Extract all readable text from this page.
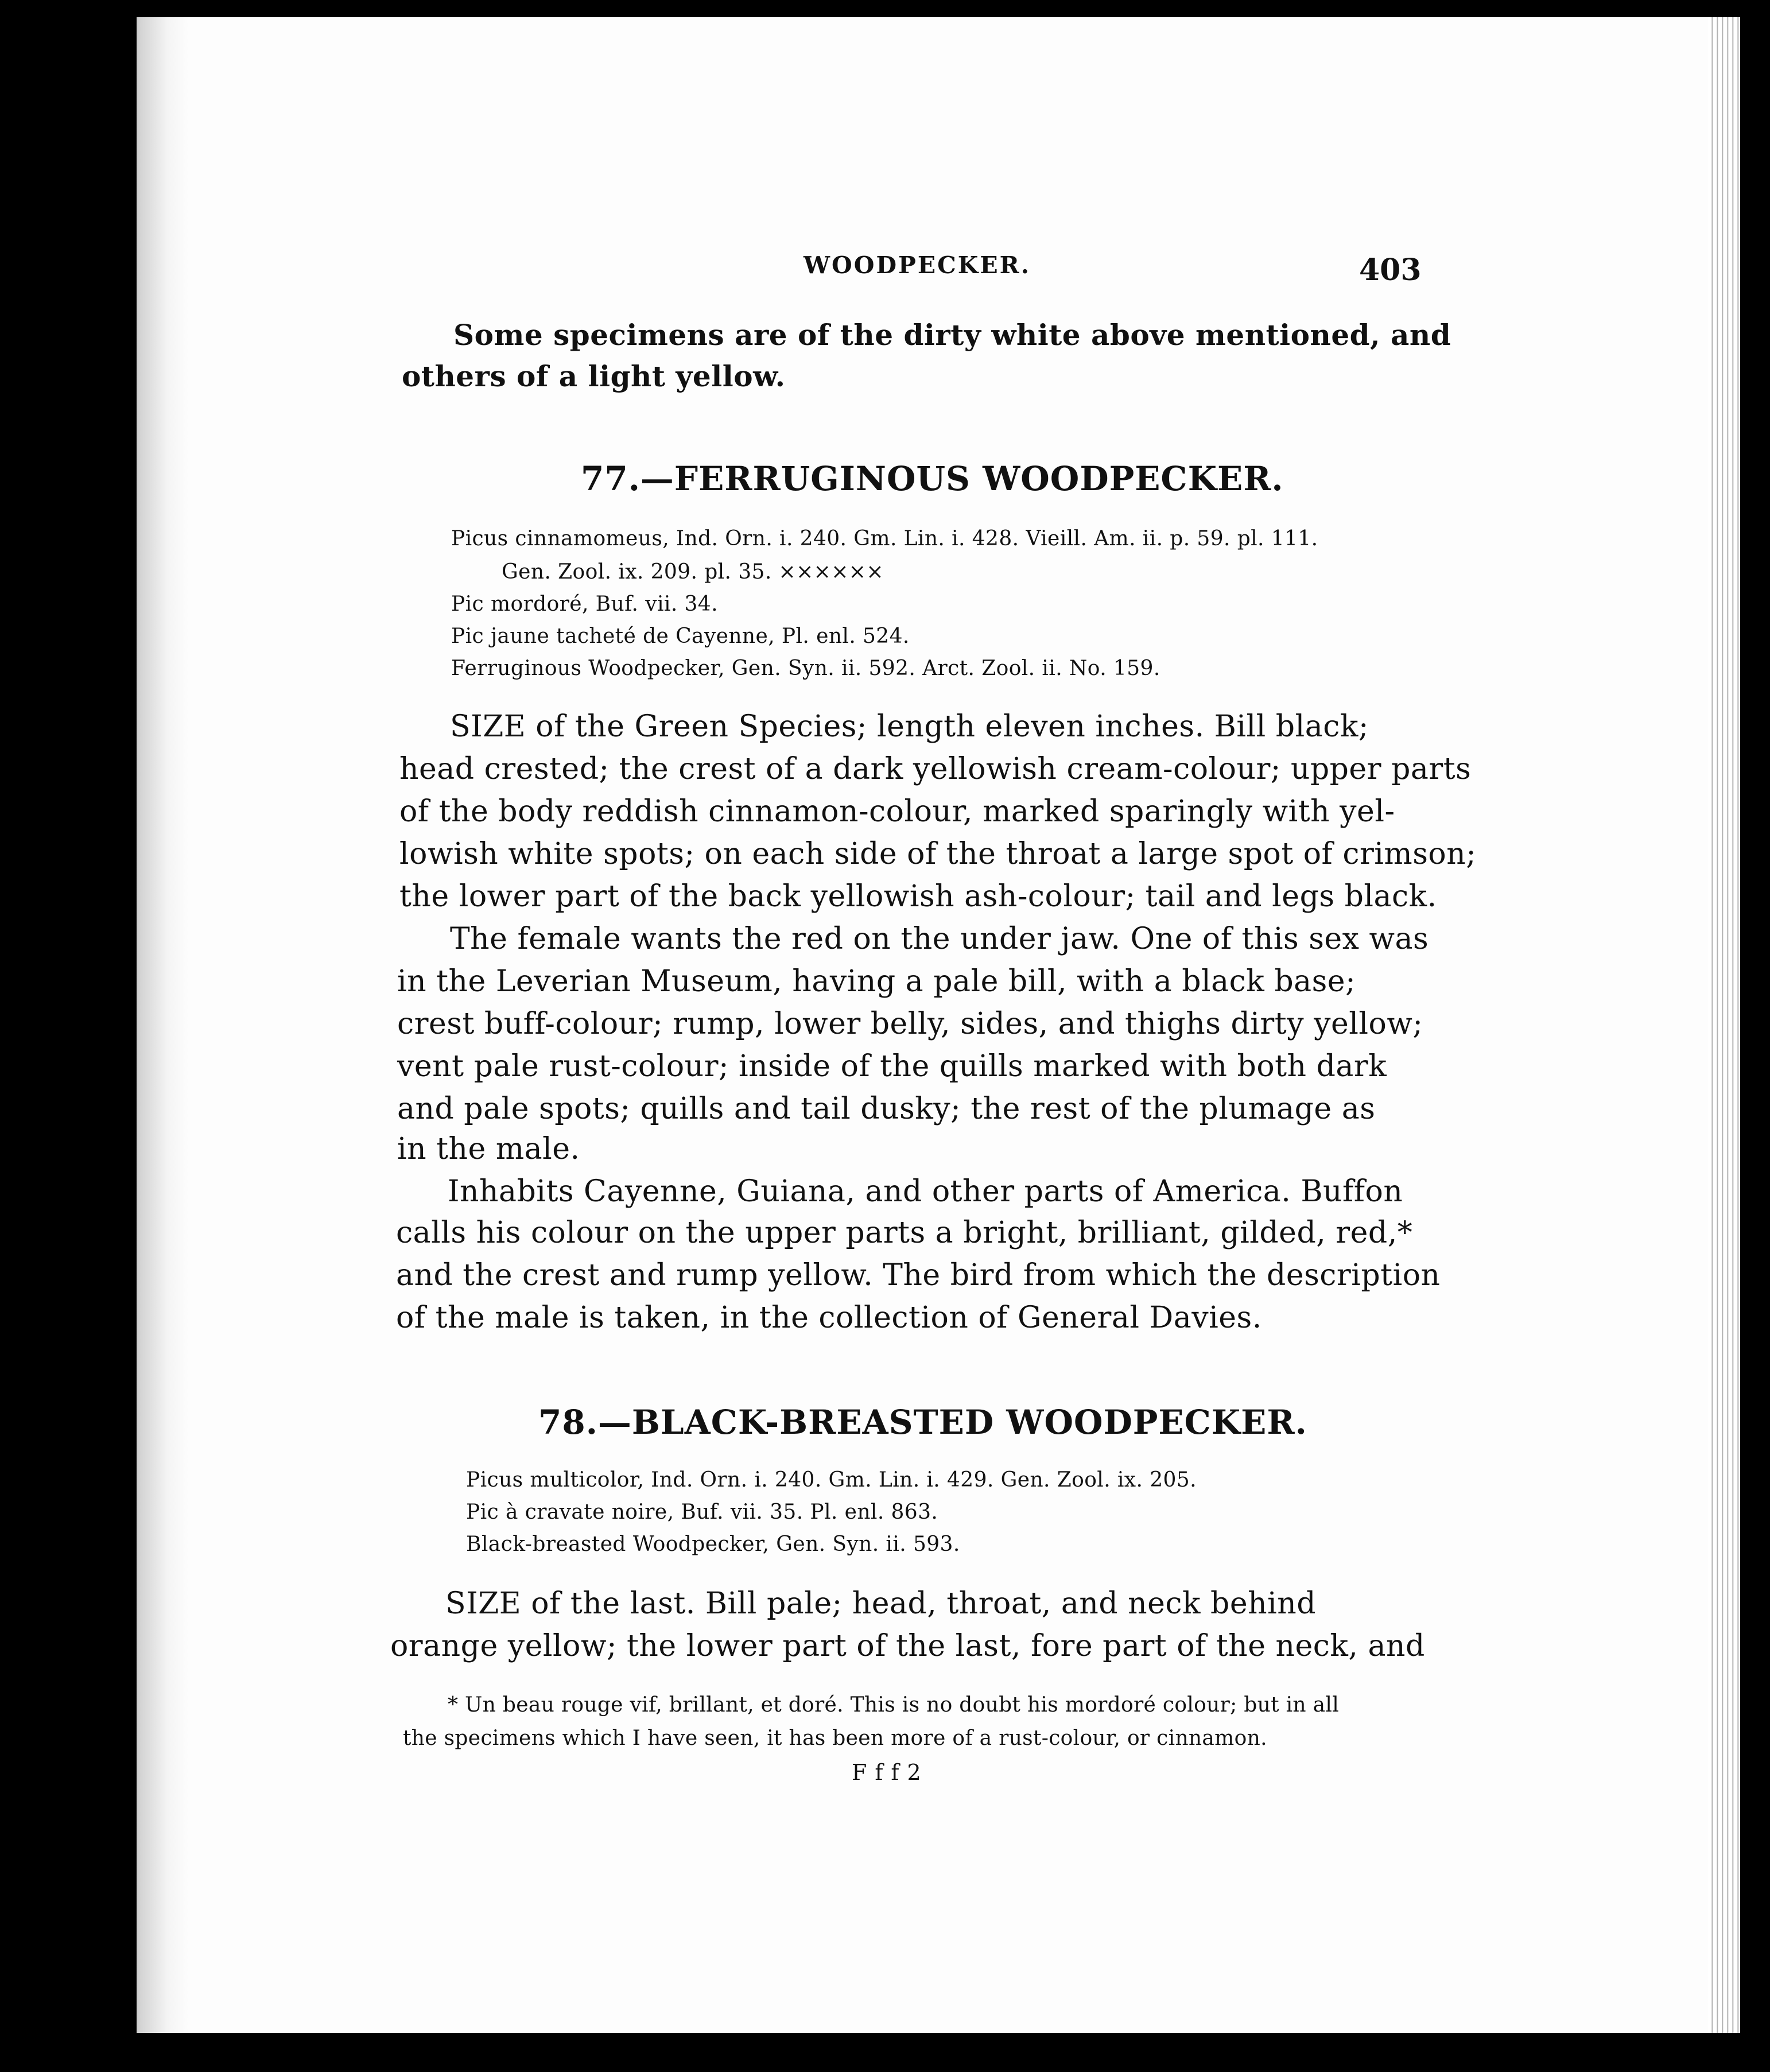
WOODPECKER.	403
Some specimens are of the dirty white above mentioned, and
others of a light yellow.
77.—FERRUGINOUS WOODPECKER.
Picus cinnamomeus, Ind. Orn. i. 240. Gm. Lin. i. 428. Vieill. Am. ii. p. 59. pl. 111.
Gen. Zool. ix. 209. pl. 35. ××××××
Pic mordoré, Buf. vii. 34.
Pic jaune tacheté de Cayenne, Pl. enl. 524.
Ferruginous Woodpecker, Gen. Syn. ii. 592. Arct. Zool. ii. No. 159.
SIZE of the Green Species; length eleven inches. Bill black;
head crested; the crest of a dark yellowish cream-colour; upper parts
of the body reddish cinnamon-colour, marked sparingly with yel-
lowish white spots; on each side of the throat a large spot of crimson;
the lower part of the back yellowish ash-colour; tail and legs black.
The female wants the red on the under jaw. One of this sex was
in the Leverian Museum, having a pale bill, with a black base;
crest buff-colour; rump, lower belly, sides, and thighs dirty yellow;
vent pale rust-colour; inside of the quills marked with both dark
and pale spots; quills and tail dusky; the rest of the plumage as
in the male.
Inhabits Cayenne, Guiana, and other parts of America. Buffon
calls his colour on the upper parts a bright, brilliant, gilded, red,*
and the crest and rump yellow. The bird from which the description
of the male is taken, in the collection of General Davies.
78.—BLACK-BREASTED WOODPECKER.
Picus multicolor, Ind. Orn. i. 240. Gm. Lin. i. 429. Gen. Zool. ix. 205.
Pic à cravate noire, Buf. vii. 35. Pl. enl. 863.
Black-breasted Woodpecker, Gen. Syn. ii. 593.
SIZE of the last. Bill pale; head, throat, and neck behind
orange yellow; the lower part of the last, fore part of the neck, and
* Un beau rouge vif, brillant, et doré. This is no doubt his mordoré colour; but in all
the specimens which I have seen, it has been more of a rust-colour, or cinnamon.
Fff2
